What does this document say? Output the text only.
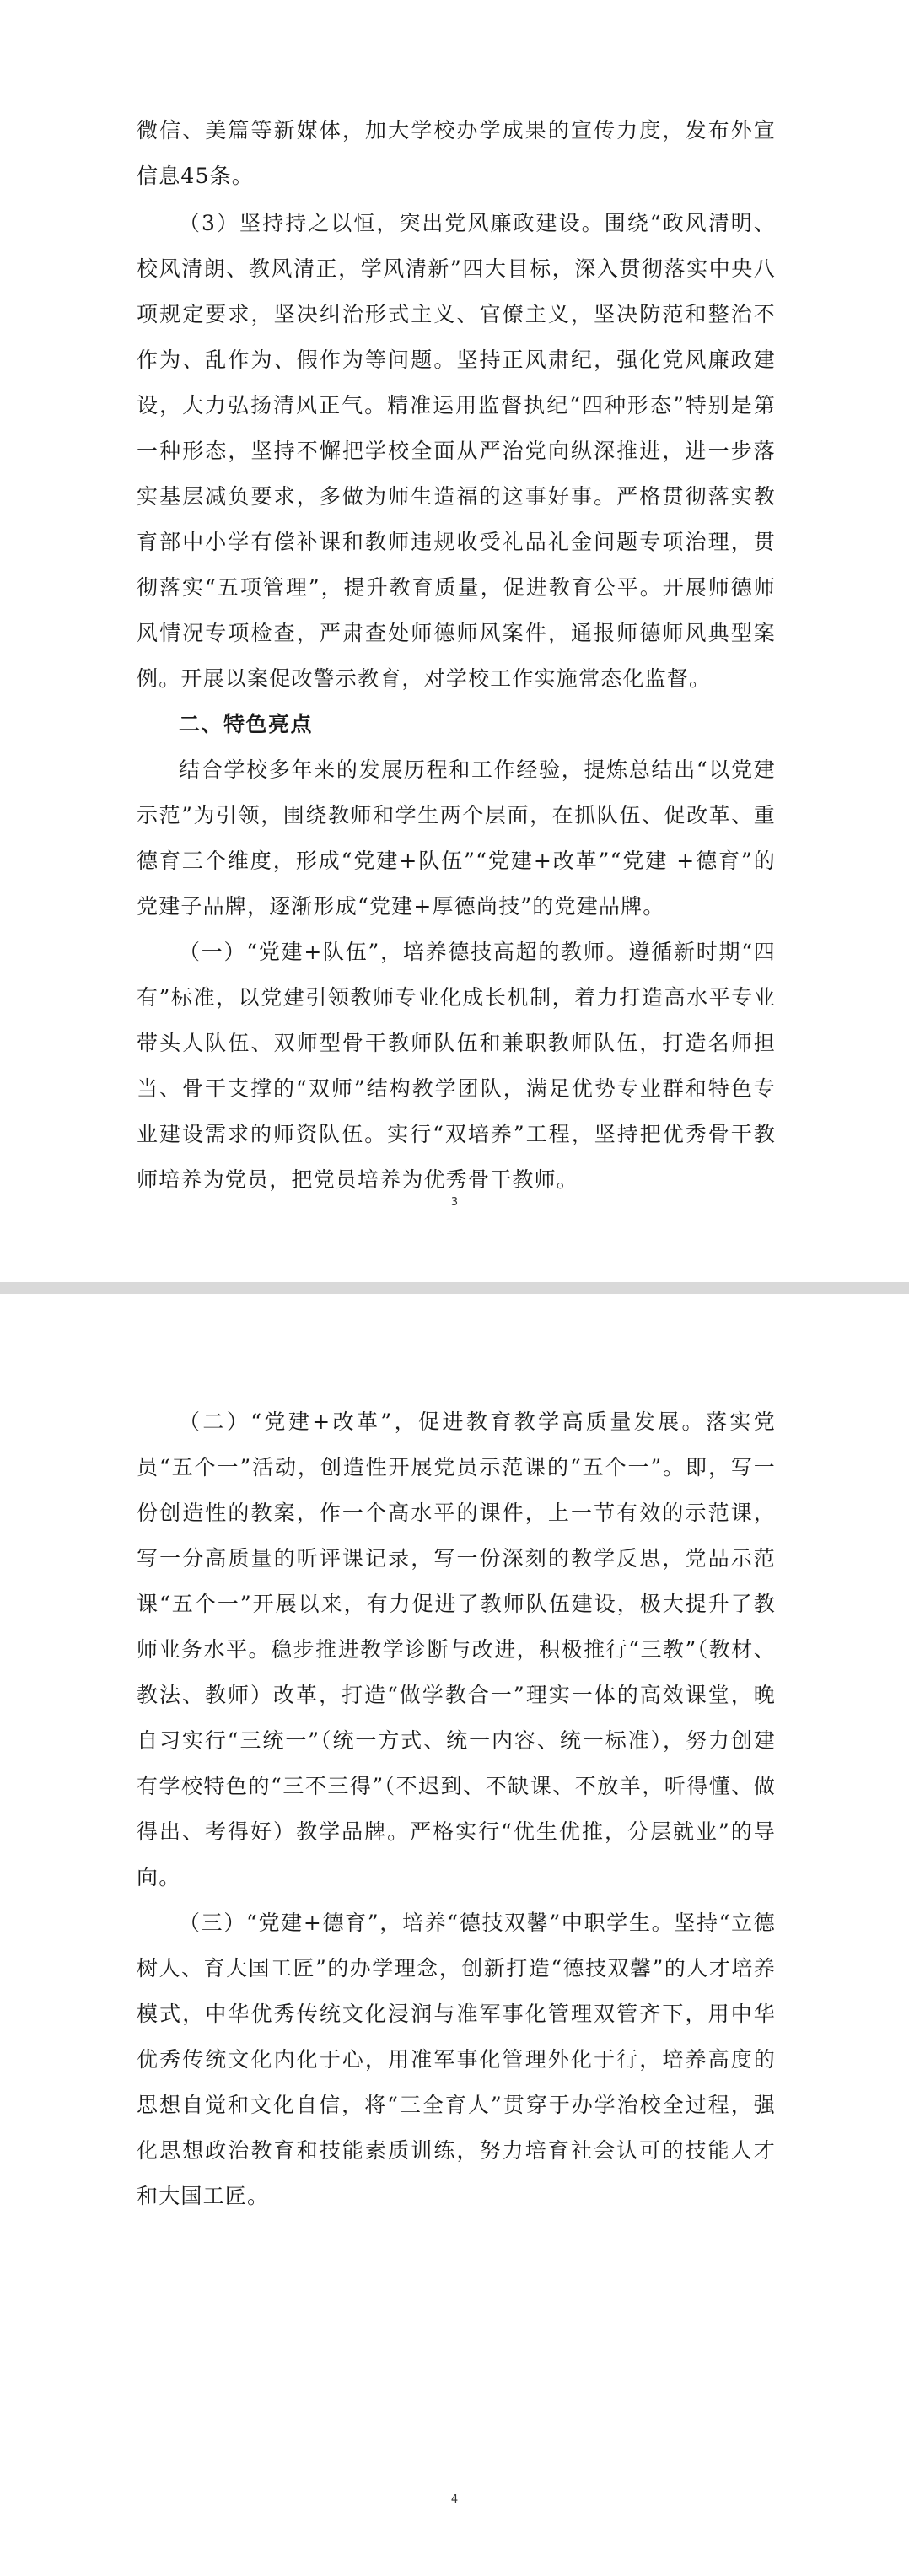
微信、美篇等新媒体，加大学校办学成果的宣传力度，发布外宣信息45条。

（3）坚持持之以恒，突出党风廉政建设。围绕“政风清明、校风清朗、教风清正，学风清新”四大目标，深入贯彻落实中央八项规定要求，坚决纠治形式主义、官僚主义，坚决防范和整治不作为、乱作为、假作为等问题。坚持正风肃纪，强化党风廉政建设，大力弘扬清风正气。精准运用监督执纪“四种形态”特别是第一种形态，坚持不懈把学校全面从严治党向纵深推进，进一步落实基层减负要求，多做为师生造福的这事好事。严格贯彻落实教育部中小学有偿补课和教师违规收受礼品礼金问题专项治理，贯彻落实“五项管理”，提升教育质量，促进教育公平。开展师德师风情况专项检查，严肃查处师德师风案件，通报师德师风典型案例。开展以案促改警示教育，对学校工作实施常态化监督。

二、特色亮点

结合学校多年来的发展历程和工作经验，提炼总结出“以党建示范”为引领，围绕教师和学生两个层面，在抓队伍、促改革、重德育三个维度，形成“党建+队伍”“党建+改革”“党建 +德育”的党建子品牌，逐渐形成“党建+厚德尚技”的党建品牌。

（一）“党建+队伍”，培养德技高超的教师。遵循新时期“四有”标准，以党建引领教师专业化成长机制，着力打造高水平专业带头人队伍、双师型骨干教师队伍和兼职教师队伍，打造名师担当、骨干支撑的“双师”结构教学团队，满足优势专业群和特色专业建设需求的师资队伍。实行“双培养”工程，坚持把优秀骨干教师培养为党员，把党员培养为优秀骨干教师。

3

（二）“党建+改革”，促进教育教学高质量发展。落实党员“五个一”活动，创造性开展党员示范课的“五个一”。即，写一份创造性的教案，作一个高水平的课件，上一节有效的示范课，写一分高质量的听评课记录，写一份深刻的教学反思，党品示范课“五个一”开展以来，有力促进了教师队伍建设，极大提升了教师业务水平。稳步推进教学诊断与改进，积极推行“三教”（教材、教法、教师）改革，打造“做学教合一”理实一体的高效课堂，晚自习实行“三统一”（统一方式、统一内容、统一标准），努力创建有学校特色的“三不三得”（不迟到、不缺课、不放羊，听得懂、做得出、考得好）教学品牌。严格实行“优生优推，分层就业”的导向。

（三）“党建+德育”，培养“德技双馨”中职学生。坚持“立德树人、育大国工匠”的办学理念，创新打造“德技双馨”的人才培养模式，中华优秀传统文化浸润与准军事化管理双管齐下，用中华优秀传统文化内化于心，用准军事化管理外化于行，培养高度的思想自觉和文化自信，将“三全育人”贯穿于办学治校全过程，强化思想政治教育和技能素质训练，努力培育社会认可的技能人才和大国工匠。

4
